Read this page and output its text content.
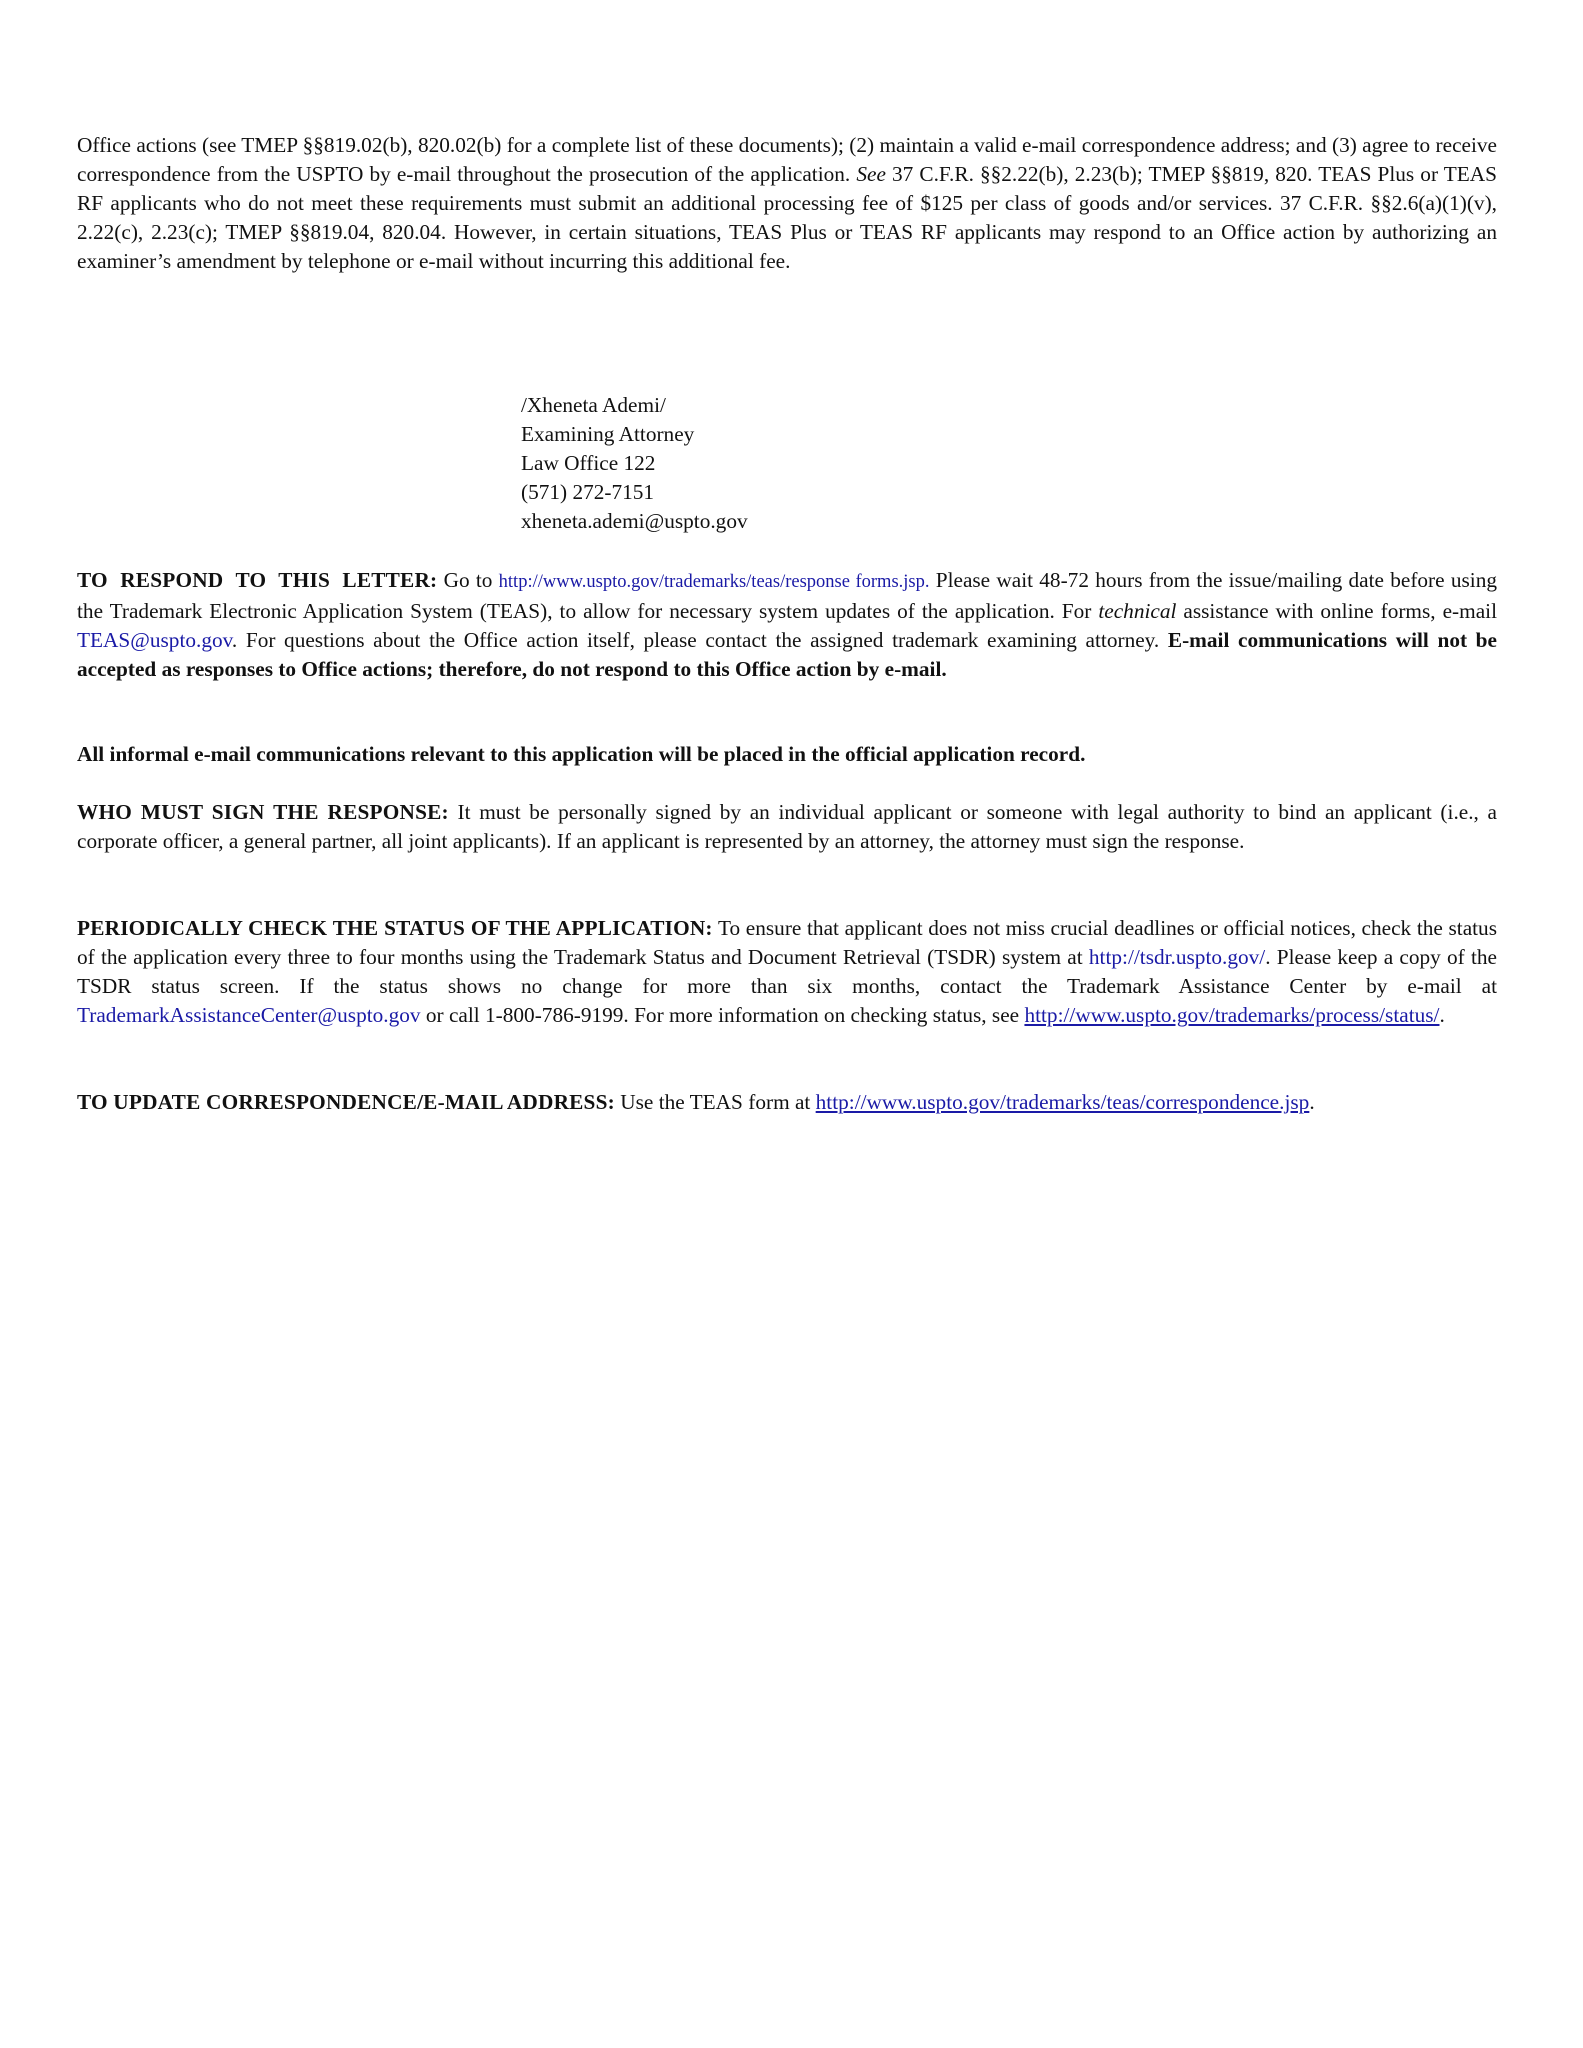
Office actions (see TMEP §§819.02(b), 820.02(b) for a complete list of these documents); (2) maintain a valid e-mail correspondence address; and (3) agree to receive correspondence from the USPTO by e-mail throughout the prosecution of the application. See 37 C.F.R. §§2.22(b), 2.23(b); TMEP §§819, 820. TEAS Plus or TEAS RF applicants who do not meet these requirements must submit an additional processing fee of $125 per class of goods and/or services. 37 C.F.R. §§2.6(a)(1)(v), 2.22(c), 2.23(c); TMEP §§819.04, 820.04. However, in certain situations, TEAS Plus or TEAS RF applicants may respond to an Office action by authorizing an examiner’s amendment by telephone or e-mail without incurring this additional fee.

/Xheneta Ademi/
Examining Attorney
Law Office 122
(571) 272-7151
xheneta.ademi@uspto.gov

TO RESPOND TO THIS LETTER: Go to http://www.uspto.gov/trademarks/teas/response forms.jsp. Please wait 48-72 hours from the issue/mailing date before using the Trademark Electronic Application System (TEAS), to allow for necessary system updates of the application. For technical assistance with online forms, e-mail TEAS@uspto.gov. For questions about the Office action itself, please contact the assigned trademark examining attorney. E-mail communications will not be accepted as responses to Office actions; therefore, do not respond to this Office action by e-mail.

All informal e-mail communications relevant to this application will be placed in the official application record.

WHO MUST SIGN THE RESPONSE: It must be personally signed by an individual applicant or someone with legal authority to bind an applicant (i.e., a corporate officer, a general partner, all joint applicants). If an applicant is represented by an attorney, the attorney must sign the response.

PERIODICALLY CHECK THE STATUS OF THE APPLICATION: To ensure that applicant does not miss crucial deadlines or official notices, check the status of the application every three to four months using the Trademark Status and Document Retrieval (TSDR) system at http://tsdr.uspto.gov/. Please keep a copy of the TSDR status screen. If the status shows no change for more than six months, contact the Trademark Assistance Center by e-mail at TrademarkAssistanceCenter@uspto.gov or call 1-800-786-9199. For more information on checking status, see http://www.uspto.gov/trademarks/process/status/.

TO UPDATE CORRESPONDENCE/E-MAIL ADDRESS: Use the TEAS form at http://www.uspto.gov/trademarks/teas/correspondence.jsp.
